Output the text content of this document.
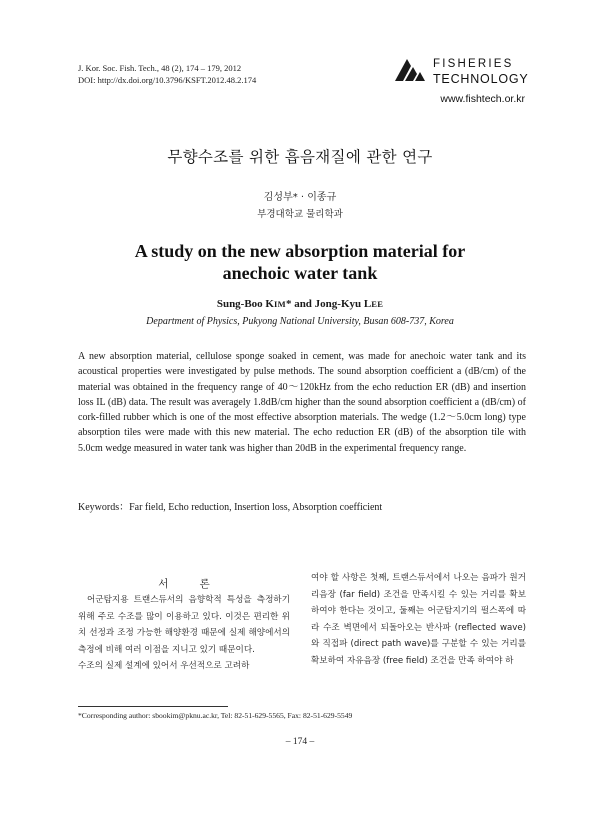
J. Kor. Soc. Fish. Tech., 48 (2), 174 – 179, 2012
DOI: http://dx.doi.org/10.3796/KSFT.2012.48.2.174
FISHERIES
TECHNOLOGY
www.fishtech.or.kr
무향수조를 위한 흡음재질에 관한 연구
김성부* · 이종규
부경대학교 물리학과
A study on the new absorption material for anechoic water tank
Sung-Boo KIM* and Jong-Kyu LEE
Department of Physics, Pukyong National University, Busan 608-737, Korea
A new absorption material, cellulose sponge soaked in cement, was made for anechoic water tank and its acoustical properties were investigated by pulse methods. The sound absorption coefficient a (dB/cm) of the material was obtained in the frequency range of 40～120kHz from the echo reduction ER (dB) and insertion loss IL (dB) data. The result was averagely 1.8dB/cm higher than the sound absorption coefficient a (dB/cm) of cork-filled rubber which is one of the most effective absorption materials. The wedge (1.2～5.0cm long) type absorption tiles were made with this new material. The echo reduction ER (dB) of the absorption tile with 5.0cm wedge measured in water tank was higher than 20dB in the experimental frequency range.
Keywords：Far field, Echo reduction, Insertion loss, Absorption coefficient
서 론

어군탐지용 트랜스듀서의 음향학적 특성을 측정하기 위해 주로 수조를 많이 이용하고 있다. 이것은 편리한 위치 선정과 조정 가능한 해양환경 때문에 실제 해양에서의 측정에 비해 여러 이점을 지니고 있기 때문이다.

수조의 실제 설계에 있어서 우선적으로 고려하

여야 할 사항은 첫째, 트랜스듀서에서 나오는 음파가 원거리음장 (far field) 조건을 만족시킬 수 있는 거리를 확보하여야 한다는 것이고, 둘째는 어군탐지기의 펄스폭에 따라 수조 벽면에서 되돌아오는 반사파 (reflected wave)와 직접파 (direct path wave)를 구분할 수 있는 거리를 확보하여 자유음장 (free field) 조건을 만족 하여야 하

*Corresponding author: sbookim@pknu.ac.kr, Tel: 82-51-629-5565, Fax: 82-51-629-5549
– 174 –
